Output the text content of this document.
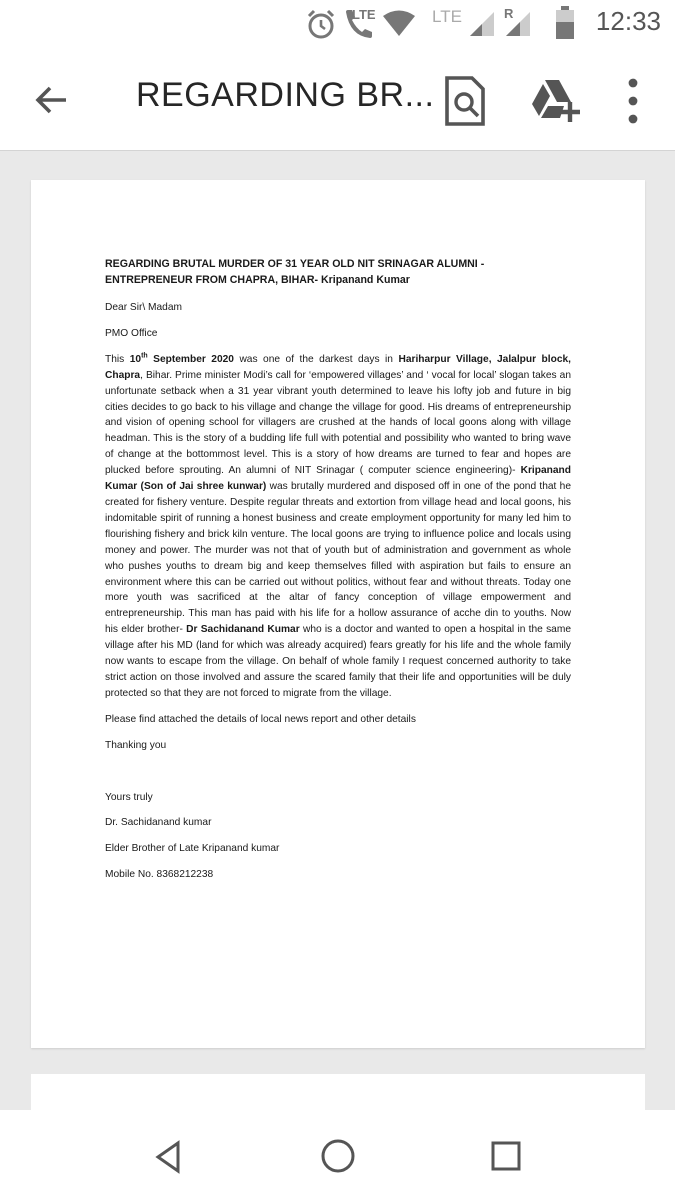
LTE	LTE	R	12:33
REGARDING BR...
REGARDING BRUTAL MURDER OF 31 YEAR OLD NIT SRINAGAR ALUMNI - ENTREPRENEUR FROM CHAPRA, BIHAR- Kripanand Kumar
Dear Sir\ Madam
PMO Office
This 10th September 2020 was one of the darkest days in Hariharpur Village, Jalalpur block, Chapra, Bihar. Prime minister Modi’s call for ‘empowered villages’ and ‘ vocal for local’ slogan takes an unfortunate setback when a 31 year vibrant youth determined to leave his lofty job and future in big cities decides to go back to his village and change the village for good. His dreams of entrepreneurship and vision of opening school for villagers are crushed at the hands of local goons along with village headman. This is the story of a budding life full with potential and possibility who wanted to bring wave of change at the bottommost level. This is a story of how dreams are turned to fear and hopes are plucked before sprouting. An alumni of NIT Srinagar ( computer science engineering)- Kripanand Kumar (Son of Jai shree kunwar) was brutally murdered and disposed off in one of the pond that he created for fishery venture. Despite regular threats and extortion from village head and local goons, his indomitable spirit of running a honest business and create employment opportunity for many led him to flourishing fishery and brick kiln venture. The local goons are trying to influence police and locals using money and power. The murder was not that of youth but of administration and government as whole who pushes youths to dream big and keep themselves filled with aspiration but fails to ensure an environment where this can be carried out without politics, without fear and without threats. Today one more youth was sacrificed at the altar of fancy conception of village empowerment and entrepreneurship. This man has paid with his life for a hollow assurance of acche din to youths. Now his elder brother- Dr Sachidanand Kumar who is a doctor and wanted to open a hospital in the same village after his MD (land for which was already acquired) fears greatly for his life and the whole family now wants to escape from the village. On behalf of whole family I request concerned authority to take strict action on those involved and assure the scared family that their life and opportunities will be duly protected so that they are not forced to migrate from the village.
Please find attached the details of local news report and other details
Thanking you
Yours truly
Dr. Sachidanand kumar
Elder Brother of Late Kripanand kumar
Mobile No. 8368212238
